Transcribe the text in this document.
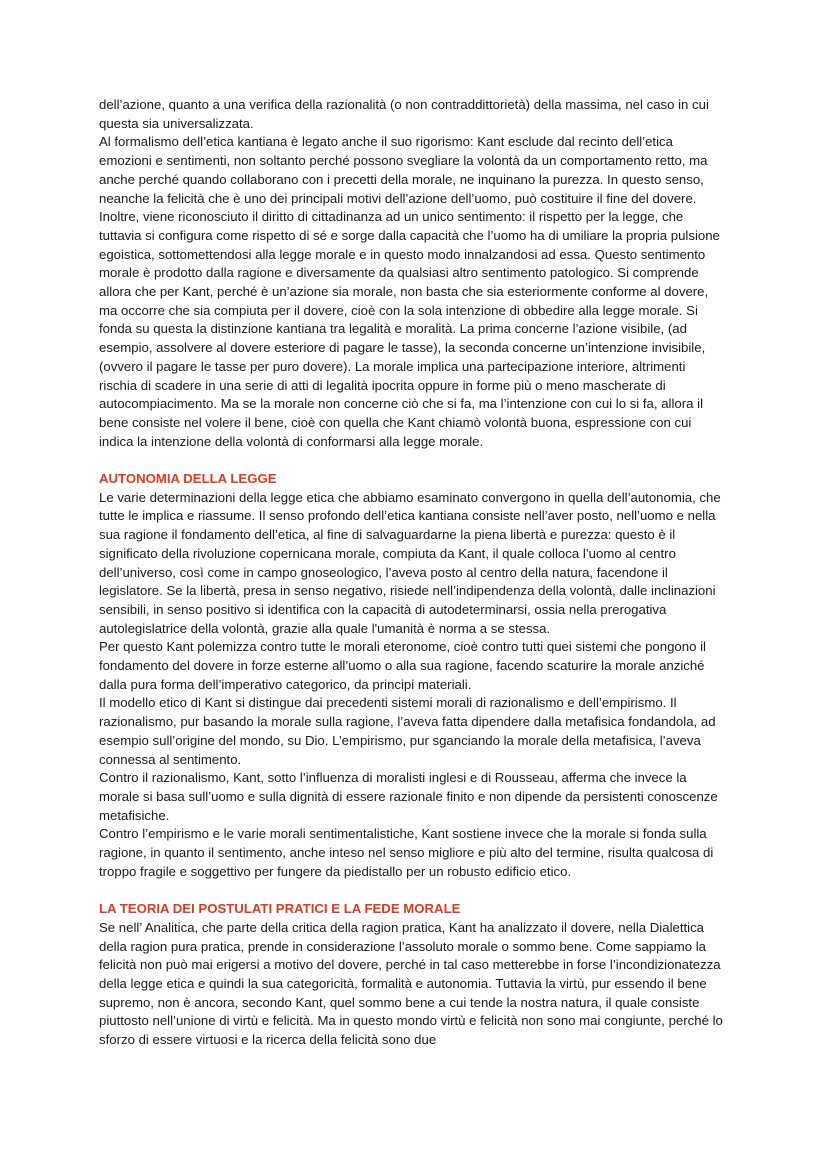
dell’azione, quanto a una verifica della razionalità (o non contraddittorietà) della massima, nel caso in cui questa sia universalizzata.

Al formalismo dell’etica kantiana è legato anche il suo rigorismo: Kant esclude dal recinto dell’etica emozioni e sentimenti, non soltanto perché possono svegliare la volontà da un comportamento retto, ma anche perché quando collaborano con i precetti della morale, ne inquinano la purezza. In questo senso, neanche la felicità che è uno dei principali motivi dell’azione dell’uomo, può costituire il fine del dovere. Inoltre, viene riconosciuto il diritto di cittadinanza ad un unico sentimento: il rispetto per la legge, che tuttavia si configura come rispetto di sé e sorge dalla capacità che l’uomo ha di umiliare la propria pulsione egoistica, sottomettendosi alla legge morale e in questo modo innalzandosi ad essa. Questo sentimento morale è prodotto dalla ragione e diversamente da qualsiasi altro sentimento patologico. Si comprende allora che per Kant, perché è un’azione sia morale, non basta che sia esteriormente conforme al dovere, ma occorre che sia compiuta per il dovere, cioè con la sola intenzione di obbedire alla legge morale. Si fonda su questa la distinzione kantiana tra legalità e moralità. La prima concerne l’azione visibile, (ad esempio, assolvere al dovere esteriore di pagare le tasse), la seconda concerne un’intenzione invisibile, (ovvero il pagare le tasse per puro dovere). La morale implica una partecipazione interiore, altrimenti rischia di scadere in una serie di atti di legalità ipocrita oppure in forme più o meno mascherate di autocompiacimento. Ma se la morale non concerne ciò che si fa, ma l’intenzione con cui lo si fa, allora il bene consiste nel volere il bene, cioè con quella che Kant chiamò volontà buona, espressione con cui indica la intenzione della volontà di conformarsi alla legge morale.

AUTONOMIA DELLA LEGGE

Le varie determinazioni della legge etica che abbiamo esaminato convergono in quella dell’autonomia, che tutte le implica e riassume. Il senso profondo dell’etica kantiana consiste nell’aver posto, nell’uomo e nella sua ragione il fondamento dell’etica, al fine di salvaguardarne la piena libertà e purezza: questo è il significato della rivoluzione copernicana morale, compiuta da Kant, il quale colloca l’uomo al centro dell’universo, così come in campo gnoseologico, l’aveva posto al centro della natura, facendone il legislatore. Se la libertà, presa in senso negativo, risiede nell’indipendenza della volontà, dalle inclinazioni sensibili, in senso positivo si identifica con la capacità di autodeterminarsi, ossia nella prerogativa autolegislatrice della volontà, grazie alla quale l'umanità è norma a se stessa.

Per questo Kant polemizza contro tutte le morali eteronome, cioè contro tutti quei sistemi che pongono il fondamento del dovere in forze esterne all’uomo o alla sua ragione, facendo scaturire la morale anziché dalla pura forma dell’imperativo categorico, da principi materiali.

Il modello etico di Kant si distingue dai precedenti sistemi morali di razionalismo e dell’empirismo. Il razionalismo, pur basando la morale sulla ragione, l’aveva fatta dipendere dalla metafisica fondandola, ad esempio sull’origine del mondo, su Dio. L’empirismo, pur sganciando la morale della metafisica, l’aveva connessa al sentimento.

Contro il razionalismo, Kant, sotto l’influenza di moralisti inglesi e di Rousseau, afferma che invece la morale si basa sull’uomo e sulla dignità di essere razionale finito e non dipende da persistenti conoscenze metafisiche.

Contro l’empirismo e le varie morali sentimentalistiche, Kant sostiene invece che la morale si fonda sulla ragione, in quanto il sentimento, anche inteso nel senso migliore e più alto del termine, risulta qualcosa di troppo fragile e soggettivo per fungere da piedistallo per un robusto edificio etico.

LA TEORIA DEI POSTULATI PRATICI E LA FEDE MORALE

Se nell’ Analitica, che parte della critica della ragion pratica, Kant ha analizzato il dovere, nella Dialettica della ragion pura pratica, prende in considerazione l’assoluto morale o sommo bene. Come sappiamo la felicità non può mai erigersi a motivo del dovere, perché in tal caso metterebbe in forse l’incondizionatezza della legge etica e quindi la sua categoricità, formalità e autonomia. Tuttavia la virtù, pur essendo il bene supremo, non è ancora, secondo Kant, quel sommo bene a cui tende la nostra natura, il quale consiste piuttosto nell’unione di virtù e felicità. Ma in questo mondo virtù e felicità non sono mai congiunte, perché lo sforzo di essere virtuosi e la ricerca della felicità sono due
